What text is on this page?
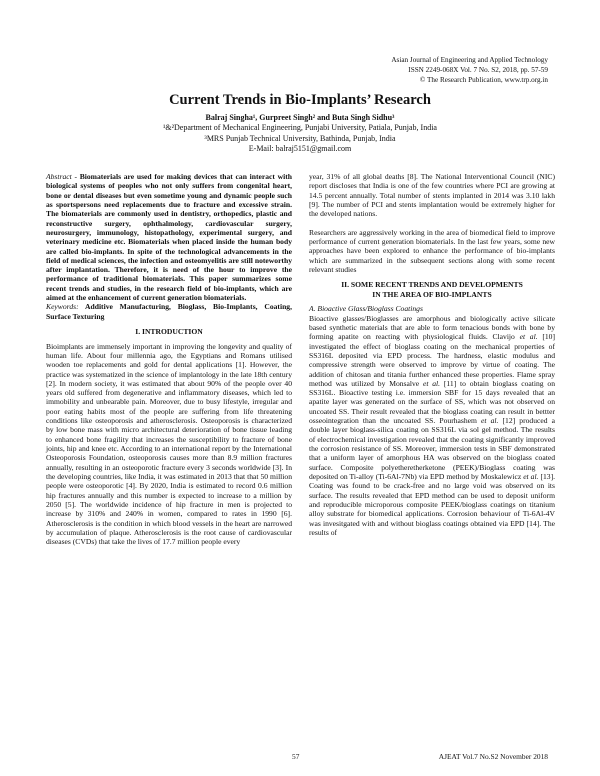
Asian Journal of Engineering and Applied Technology
ISSN 2249-068X Vol. 7 No. S2, 2018, pp. 57-59
© The Research Publication, www.trp.org.in
Current Trends in Bio-Implants’ Research
Balraj Singha¹, Gurpreet Singh² and Buta Singh Sidhu³
¹&²Department of Mechanical Engineering, Punjabi University, Patiala, Punjab, India
³MRS Punjab Technical University, Bathinda, Punjab, India
E-Mail: balraj5151@gmail.com

Abstract - Biomaterials are used for making devices that can interact with biological systems of peoples who not only suffers from congenital heart, bone or dental diseases but even sometime young and dynamic people such as sportspersons need replacements due to fracture and excessive strain. The biomaterials are commonly used in dentistry, orthopedics, plastic and reconstructive surgery, ophthalmology, cardiovascular surgery, neurosurgery, immunology, histopathology, experimental surgery, and veterinary medicine etc. Biomaterials when placed inside the human body are called bio-implants. In spite of the technological advancements in the field of medical sciences, the infection and osteomyelitis are still noteworthy after implantation. Therefore, it is need of the hour to improve the performance of traditional biomaterials. This paper summarizes some recent trends and studies, in the research field of bio-implants, which are aimed at the enhancement of current generation biomaterials.

Keywords: Additive Manufacturing, Bioglass, Bio-Implants, Coating, Surface Texturing

I. INTRODUCTION

Bioimplants are immensely important in improving the longevity and quality of human life. About four millennia ago, the Egyptians and Romans utilised wooden toe replacements and gold for dental applications [1]. However, the practice was systematized in the science of implantology in the late 18th century [2]. In modern society, it was estimated that about 90% of the people over 40 years old suffered from degenerative and inflammatory diseases, which led to immobility and unbearable pain. Moreover, due to busy lifestyle, irregular and poor eating habits most of the people are suffering from life threatening conditions like osteoporosis and atherosclerosis. Osteoporosis is characterized by low bone mass with micro architectural deterioration of bone tissue leading to enhanced bone fragility that increases the susceptibility to fracture of bone joints, hip and knee etc. According to an international report by the International Osteoporosis Foundation, osteoporosis causes more than 8.9 million fractures annually, resulting in an osteoporotic fracture every 3 seconds worldwide [3]. In the developing countries, like India, it was estimated in 2013 that that 50 million people were osteoporotic [4]. By 2020, India is estimated to record 0.6 million hip fractures annually and this number is expected to increase to a million by 2050 [5]. The worldwide incidence of hip fracture in men is projected to increase by 310% and 240% in women, compared to rates in 1990 [6]. Atherosclerosis is the condition in which blood vessels in the heart are narrowed by accumulation of plaque. Atherosclerosis is the root cause of cardiovascular diseases (CVDs) that take the lives of 17.7 million people every

year, 31% of all global deaths [8]. The National Interventional Council (NIC) report discloses that India is one of the few countries where PCI are growing at 14.5 percent annually. Total number of stents implanted in 2014 was 3.10 lakh [9]. The number of PCI and stents implantation would be extremely higher for the developed nations.

Researchers are aggressively working in the area of biomedical field to improve performance of current generation biomaterials. In the last few years, some new approaches have been explored to enhance the performance of bio-implants which are summarized in the subsequent sections along with some recent relevant studies

II. SOME RECENT TRENDS AND DEVELOPMENTS
IN THE AREA OF BIO-IMPLANTS

A. Bioactive Glass/Bioglass Coatings

Bioactive glasses/Bioglasses are amorphous and biologically active silicate based synthetic materials that are able to form tenacious bonds with bone by forming apatite on reacting with physiological fluids. Clavijo et al. [10] investigated the effect of bioglass coating on the mechanical properties of SS316L deposited via EPD process. The hardness, elastic modulus and compressive strength were observed to improve by virtue of coating. The addition of chitosan and titania further enhanced these properties. Flame spray method was utilized by Monsalve et al. [11] to obtain bioglass coating on SS316L. Bioactive testing i.e. immersion SBF for 15 days revealed that an apatite layer was generated on the surface of SS, which was not observed on uncoated SS. Their result revealed that the bioglass coating can result in bettter osseointegration than the uncoated SS. Pourhashem et al. [12] produced a double layer bioglass-silica coating on SS316L via sol gel method. The results of electrochemical investigation revealed that the coating significantly improved the corrosion resistance of SS. Moreover, immersion tests in SBF demonstrated that a uniform layer of amorphous HA was observed on the bioglass coated surface. Composite polyetheretherketone (PEEK)/Bioglass coating was deposited on Ti-alloy (Ti-6Al-7Nb) via EPD method by Moskalewicz et al. [13]. Coating was found to be crack-free and no large void was observed on its surface. The results revealed that EPD method can be used to deposit uniform and reproducible microporous composite PEEK/bioglass coatings on titanium alloy substrate for biomedical applications. Corrosion behaviour of Ti-6Al-4V was invesitgated with and without bioglass coatings obtained via EPD [14]. The results of

57	AJEAT Vol.7 No.S2 November 2018
